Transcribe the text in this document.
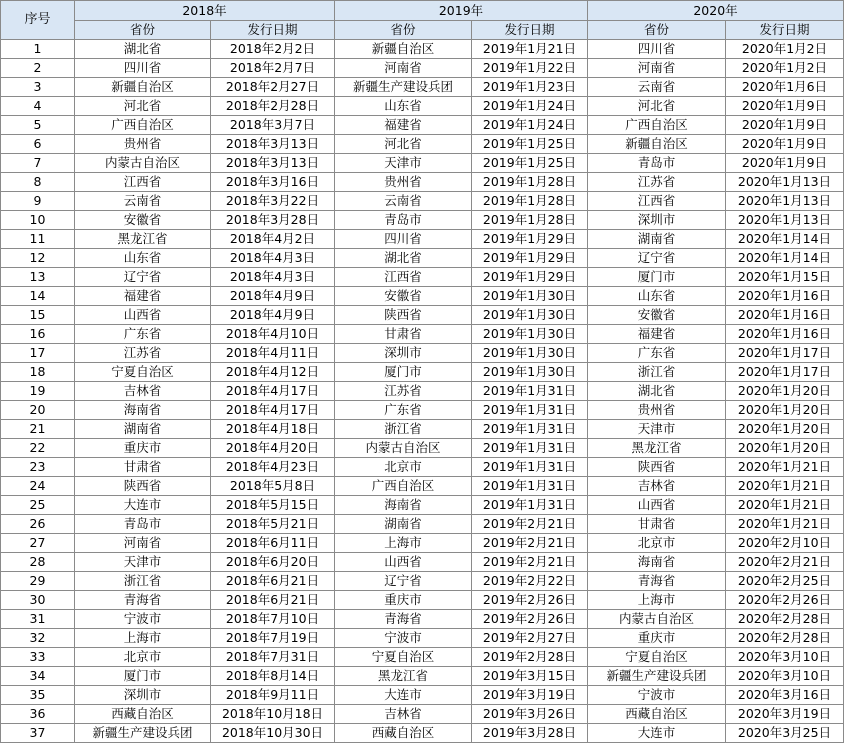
序号	2018年		2019年		2020年	
	省份	发行日期	省份	发行日期	省份	发行日期
1	湖北省	2018年2月2日	新疆自治区	2019年1月21日	四川省	2020年1月2日
2	四川省	2018年2月7日	河南省	2019年1月22日	河南省	2020年1月2日
3	新疆自治区	2018年2月27日	新疆生产建设兵团	2019年1月23日	云南省	2020年1月6日
4	河北省	2018年2月28日	山东省	2019年1月24日	河北省	2020年1月9日
5	广西自治区	2018年3月7日	福建省	2019年1月24日	广西自治区	2020年1月9日
6	贵州省	2018年3月13日	河北省	2019年1月25日	新疆自治区	2020年1月9日
7	内蒙古自治区	2018年3月13日	天津市	2019年1月25日	青岛市	2020年1月9日
8	江西省	2018年3月16日	贵州省	2019年1月28日	江苏省	2020年1月13日
9	云南省	2018年3月22日	云南省	2019年1月28日	江西省	2020年1月13日
10	安徽省	2018年3月28日	青岛市	2019年1月28日	深圳市	2020年1月13日
11	黑龙江省	2018年4月2日	四川省	2019年1月29日	湖南省	2020年1月14日
12	山东省	2018年4月3日	湖北省	2019年1月29日	辽宁省	2020年1月14日
13	辽宁省	2018年4月3日	江西省	2019年1月29日	厦门市	2020年1月15日
14	福建省	2018年4月9日	安徽省	2019年1月30日	山东省	2020年1月16日
15	山西省	2018年4月9日	陕西省	2019年1月30日	安徽省	2020年1月16日
16	广东省	2018年4月10日	甘肃省	2019年1月30日	福建省	2020年1月16日
17	江苏省	2018年4月11日	深圳市	2019年1月30日	广东省	2020年1月17日
18	宁夏自治区	2018年4月12日	厦门市	2019年1月30日	浙江省	2020年1月17日
19	吉林省	2018年4月17日	江苏省	2019年1月31日	湖北省	2020年1月20日
20	海南省	2018年4月17日	广东省	2019年1月31日	贵州省	2020年1月20日
21	湖南省	2018年4月18日	浙江省	2019年1月31日	天津市	2020年1月20日
22	重庆市	2018年4月20日	内蒙古自治区	2019年1月31日	黑龙江省	2020年1月20日
23	甘肃省	2018年4月23日	北京市	2019年1月31日	陕西省	2020年1月21日
24	陕西省	2018年5月8日	广西自治区	2019年1月31日	吉林省	2020年1月21日
25	大连市	2018年5月15日	海南省	2019年1月31日	山西省	2020年1月21日
26	青岛市	2018年5月21日	湖南省	2019年2月21日	甘肃省	2020年1月21日
27	河南省	2018年6月11日	上海市	2019年2月21日	北京市	2020年2月10日
28	天津市	2018年6月20日	山西省	2019年2月21日	海南省	2020年2月21日
29	浙江省	2018年6月21日	辽宁省	2019年2月22日	青海省	2020年2月25日
30	青海省	2018年6月21日	重庆市	2019年2月26日	上海市	2020年2月26日
31	宁波市	2018年7月10日	青海省	2019年2月26日	内蒙古自治区	2020年2月28日
32	上海市	2018年7月19日	宁波市	2019年2月27日	重庆市	2020年2月28日
33	北京市	2018年7月31日	宁夏自治区	2019年2月28日	宁夏自治区	2020年3月10日
34	厦门市	2018年8月14日	黑龙江省	2019年3月15日	新疆生产建设兵团	2020年3月10日
35	深圳市	2018年9月11日	大连市	2019年3月19日	宁波市	2020年3月16日
36	西藏自治区	2018年10月18日	吉林省	2019年3月26日	西藏自治区	2020年3月19日
37	新疆生产建设兵团	2018年10月30日	西藏自治区	2019年3月28日	大连市	2020年3月25日
